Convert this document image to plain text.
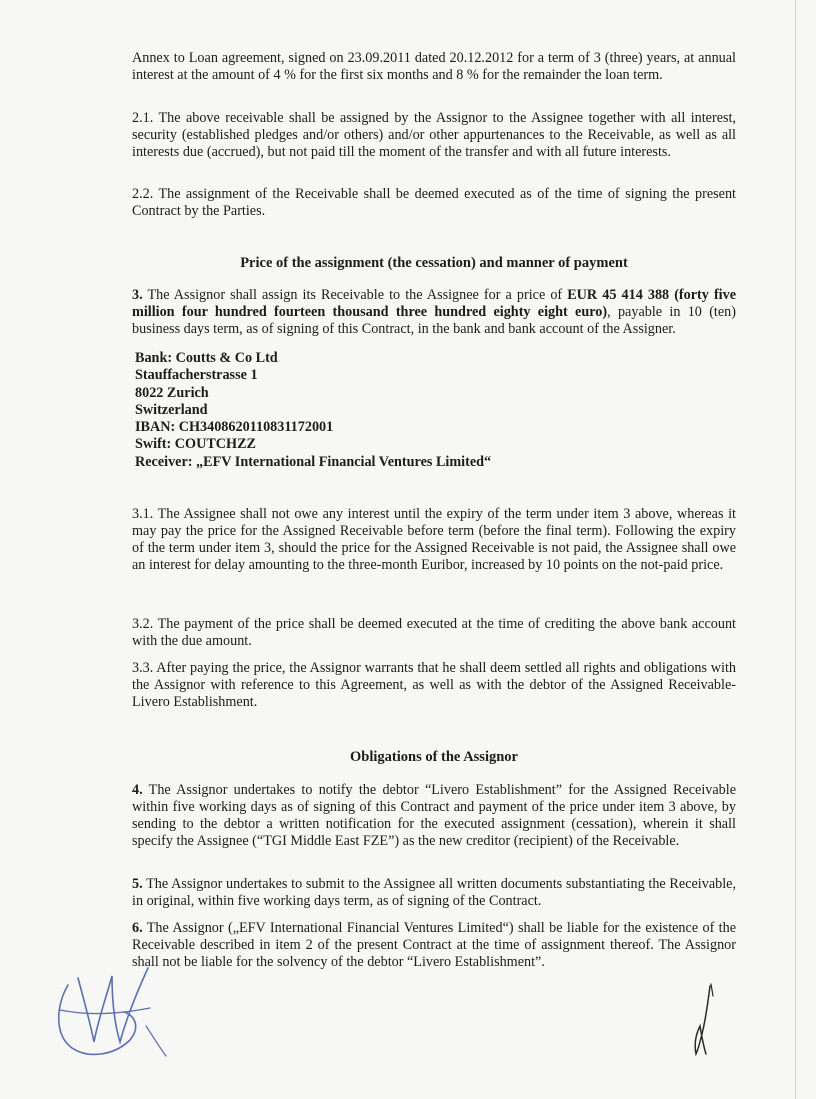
Annex to Loan agreement, signed on 23.09.2011 dated 20.12.2012 for a term of 3 (three) years, at annual interest at the amount of 4 % for the first six months and 8 % for the remainder the loan term.

2.1. The above receivable shall be assigned by the Assignor to the Assignee together with all interest, security (established pledges and/or others) and/or other appurtenances to the Receivable, as well as all interests due (accrued), but not paid till the moment of the transfer and with all future interests.

2.2. The assignment of the Receivable shall be deemed executed as of the time of signing the present Contract by the Parties.

Price of the assignment (the cessation) and manner of payment

3. The Assignor shall assign its Receivable to the Assignee for a price of EUR 45 414 388 (forty five million four hundred fourteen thousand three hundred eighty eight euro), payable in 10 (ten) business days term, as of signing of this Contract, in the bank and bank account of the Assigner.

Bank: Coutts & Co Ltd
Stauffacherstrasse 1
8022 Zurich
Switzerland
IBAN: CH3408620110831172001
Swift: COUTCHZZ
Receiver: „EFV International Financial Ventures Limited“

3.1. The Assignee shall not owe any interest until the expiry of the term under item 3 above, whereas it may pay the price for the Assigned Receivable before term (before the final term). Following the expiry of the term under item 3, should the price for the Assigned Receivable is not paid, the Assignee shall owe an interest for delay amounting to the three-month Euribor, increased by 10 points on the not-paid price.

3.2. The payment of the price shall be deemed executed at the time of crediting the above bank account with the due amount.

3.3. After paying the price, the Assignor warrants that he shall deem settled all rights and obligations with the Assignor with reference to this Agreement, as well as with the debtor of the Assigned Receivable- Livero Establishment.

Obligations of the Assignor

4. The Assignor undertakes to notify the debtor “Livero Establishment” for the Assigned Receivable within five working days as of signing of this Contract and payment of the price under item 3 above, by sending to the debtor a written notification for the executed assignment (cessation), wherein it shall specify the Assignee (“TGI Middle East FZE”) as the new creditor (recipient) of the Receivable.

5. The Assignor undertakes to submit to the Assignee all written documents substantiating the Receivable, in original, within five working days term, as of signing of the Contract.

6. The Assignor („EFV International Financial Ventures Limited“) shall be liable for the existence of the Receivable described in item 2 of the present Contract at the time of assignment thereof. The Assignor shall not be liable for the solvency of the debtor “Livero Establishment”.
